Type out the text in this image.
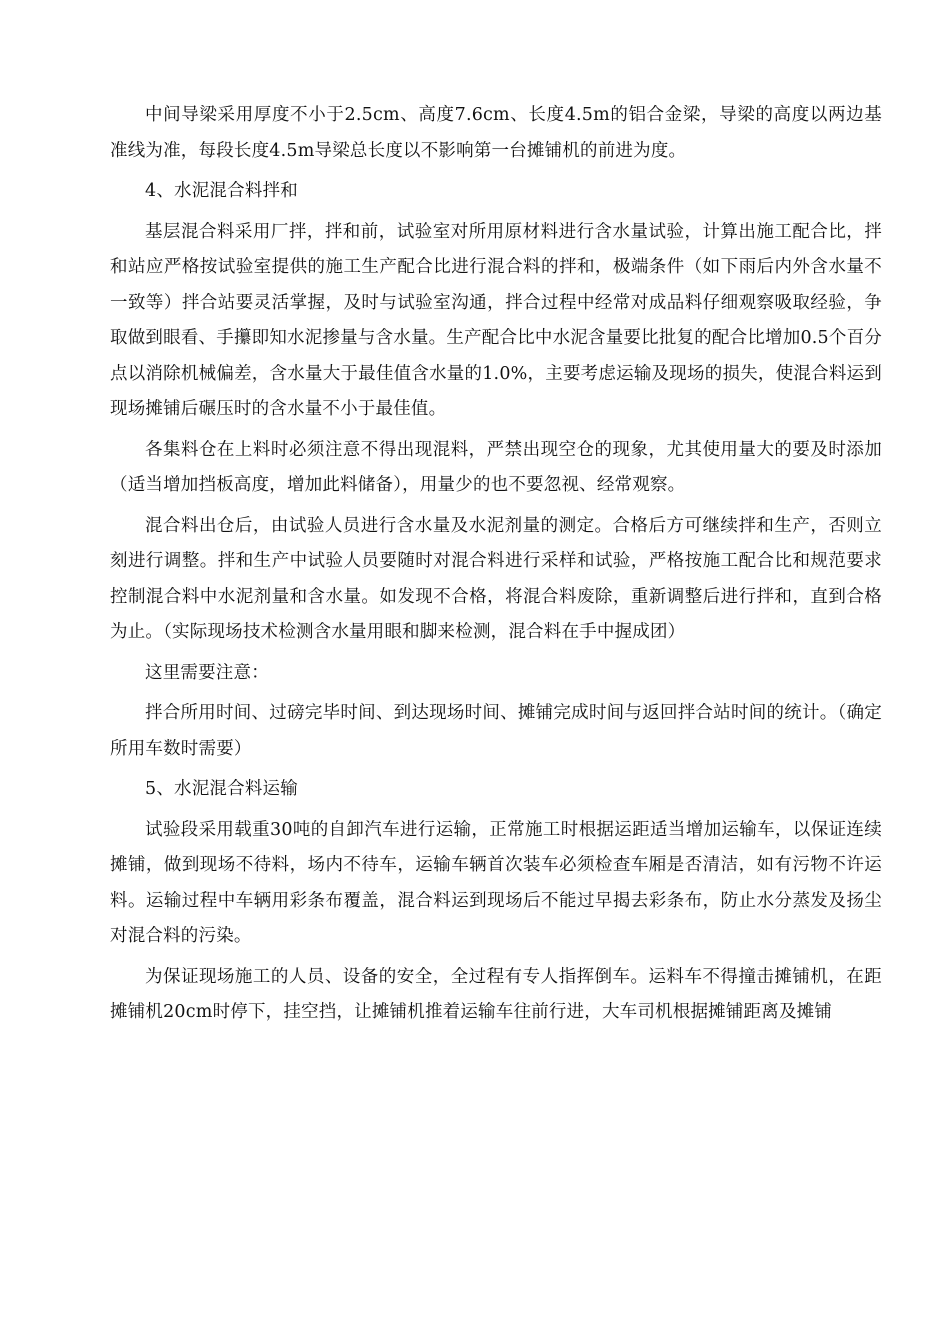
中间导梁采用厚度不小于2.5cm、高度7.6cm、长度4.5m的铝合金梁，导梁的高度以两边基准线为准，每段长度4.5m导梁总长度以不影响第一台摊铺机的前进为度。

4、水泥混合料拌和

基层混合料采用厂拌，拌和前，试验室对所用原材料进行含水量试验，计算出施工配合比，拌和站应严格按试验室提供的施工生产配合比进行混合料的拌和，极端条件（如下雨后内外含水量不一致等）拌合站要灵活掌握，及时与试验室沟通，拌合过程中经常对成品料仔细观察吸取经验，争取做到眼看、手攥即知水泥掺量与含水量。生产配合比中水泥含量要比批复的配合比增加0.5个百分点以消除机械偏差，含水量大于最佳值含水量的1.0%，主要考虑运输及现场的损失，使混合料运到现场摊铺后碾压时的含水量不小于最佳值。

各集料仓在上料时必须注意不得出现混料，严禁出现空仓的现象，尤其使用量大的要及时添加（适当增加挡板高度，增加此料储备），用量少的也不要忽视、经常观察。

混合料出仓后，由试验人员进行含水量及水泥剂量的测定。合格后方可继续拌和生产，否则立刻进行调整。拌和生产中试验人员要随时对混合料进行采样和试验，严格按施工配合比和规范要求控制混合料中水泥剂量和含水量。如发现不合格，将混合料废除，重新调整后进行拌和，直到合格为止。（实际现场技术检测含水量用眼和脚来检测，混合料在手中握成团）

这里需要注意：

拌合所用时间、过磅完毕时间、到达现场时间、摊铺完成时间与返回拌合站时间的统计。（确定所用车数时需要）

5、水泥混合料运输

试验段采用载重30吨的自卸汽车进行运输，正常施工时根据运距适当增加运输车，以保证连续摊铺，做到现场不待料，场内不待车，运输车辆首次装车必须检查车厢是否清洁，如有污物不许运料。运输过程中车辆用彩条布覆盖，混合料运到现场后不能过早揭去彩条布，防止水分蒸发及扬尘对混合料的污染。

为保证现场施工的人员、设备的安全，全过程有专人指挥倒车。运料车不得撞击摊铺机，在距摊铺机20cm时停下，挂空挡，让摊铺机推着运输车往前行进，大车司机根据摊铺距离及摊铺
